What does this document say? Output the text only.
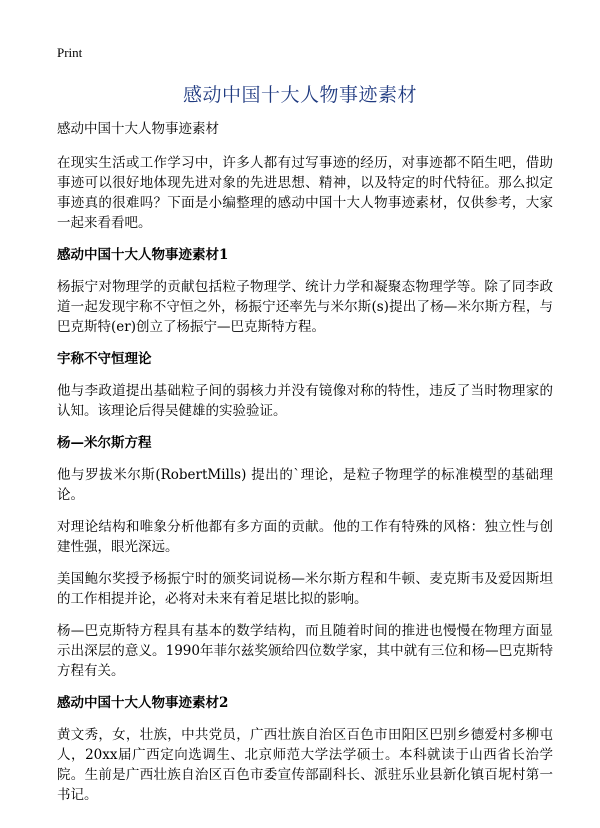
Print
感动中国十大人物事迹素材
感动中国十大人物事迹素材

在现实生活或工作学习中，许多人都有过写事迹的经历，对事迹都不陌生吧，借助事迹可以很好地体现先进对象的先进思想、精神，以及特定的时代特征。那么拟定事迹真的很难吗？下面是小编整理的感动中国十大人物事迹素材，仅供参考，大家一起来看看吧。

感动中国十大人物事迹素材1

杨振宁对物理学的贡献包括粒子物理学、统计力学和凝聚态物理学等。除了同李政道一起发现宇称不守恒之外，杨振宁还率先与米尔斯(s)提出了杨—米尔斯方程，与巴克斯特(er)创立了杨振宁—巴克斯特方程。

宇称不守恒理论

他与李政道提出基础粒子间的弱核力并没有镜像对称的特性，违反了当时物理家的认知。该理论后得吴健雄的实验验证。

杨—米尔斯方程

他与罗拔米尔斯(RobertMills) 提出的`理论，是粒子物理学的标准模型的基础理论。

对理论结构和唯象分析他都有多方面的贡献。他的工作有特殊的风格：独立性与创建性强，眼光深远。

美国鲍尔奖授予杨振宁时的颁奖词说杨—米尔斯方程和牛顿、麦克斯韦及爱因斯坦的工作相提并论，必将对未来有着足堪比拟的影响。

杨—巴克斯特方程具有基本的数学结构，而且随着时间的推进也慢慢在物理方面显示出深层的意义。1990年菲尔兹奖颁给四位数学家，其中就有三位和杨—巴克斯特方程有关。

感动中国十大人物事迹素材2

黄文秀，女，壮族，中共党员，广西壮族自治区百色市田阳区巴别乡德爱村多柳屯人，20xx届广西定向选调生、北京师范大学法学硕士。本科就读于山西省长治学院。生前是广西壮族自治区百色市委宣传部副科长、派驻乐业县新化镇百坭村第一书记。
